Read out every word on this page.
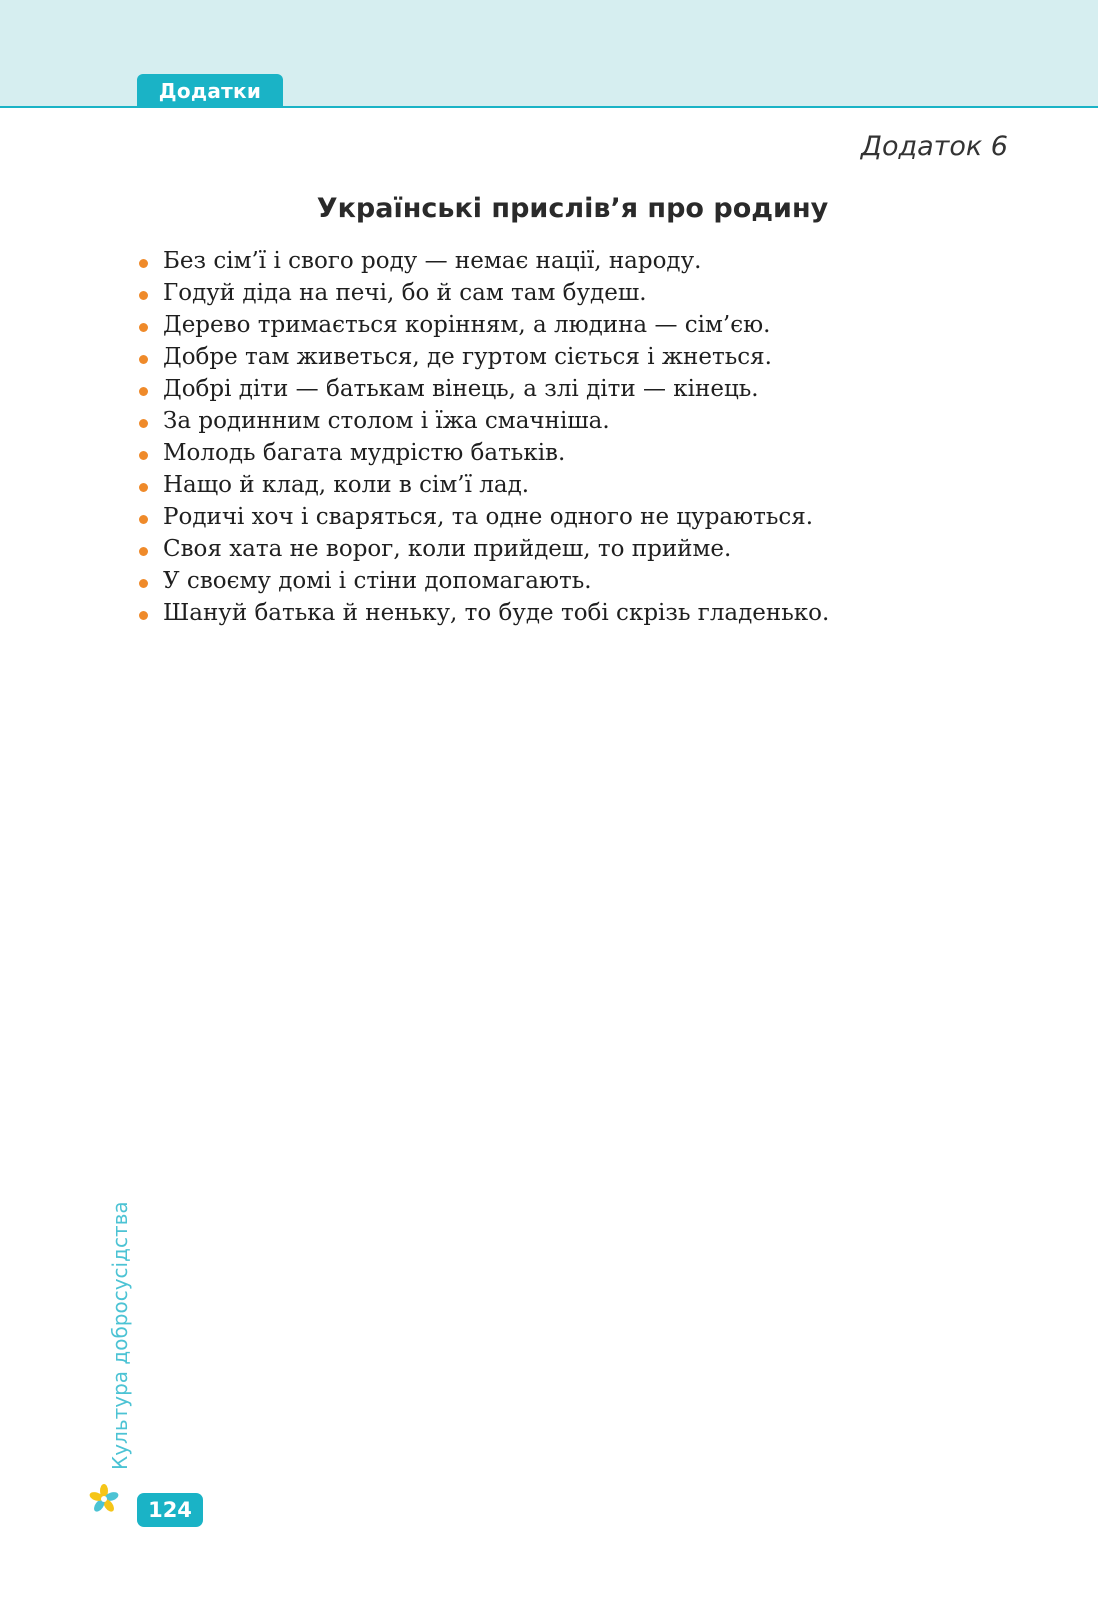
Додатки
Додаток 6
Українські прислів’я про родину
Без сім’ї і свого роду — немає нації, народу.
Годуй діда на печі, бо й сам там будеш.
Дерево тримається корінням, а людина — сім’єю.
Добре там живеться, де гуртом сіється і жнеться.
Добрі діти — батькам вінець, а злі діти — кінець.
За родинним столом і їжа смачніша.
Молодь багата мудрістю батьків.
Нащо й клад, коли в сім’ї лад.
Родичі хоч і сваряться, та одне одного не цураються.
Своя хата не ворог, коли прийдеш, то прийме.
У своєму домі і стіни допомагають.
Шануй батька й неньку, то буде тобі скрізь гладенько.
Культура добросусідства
124
